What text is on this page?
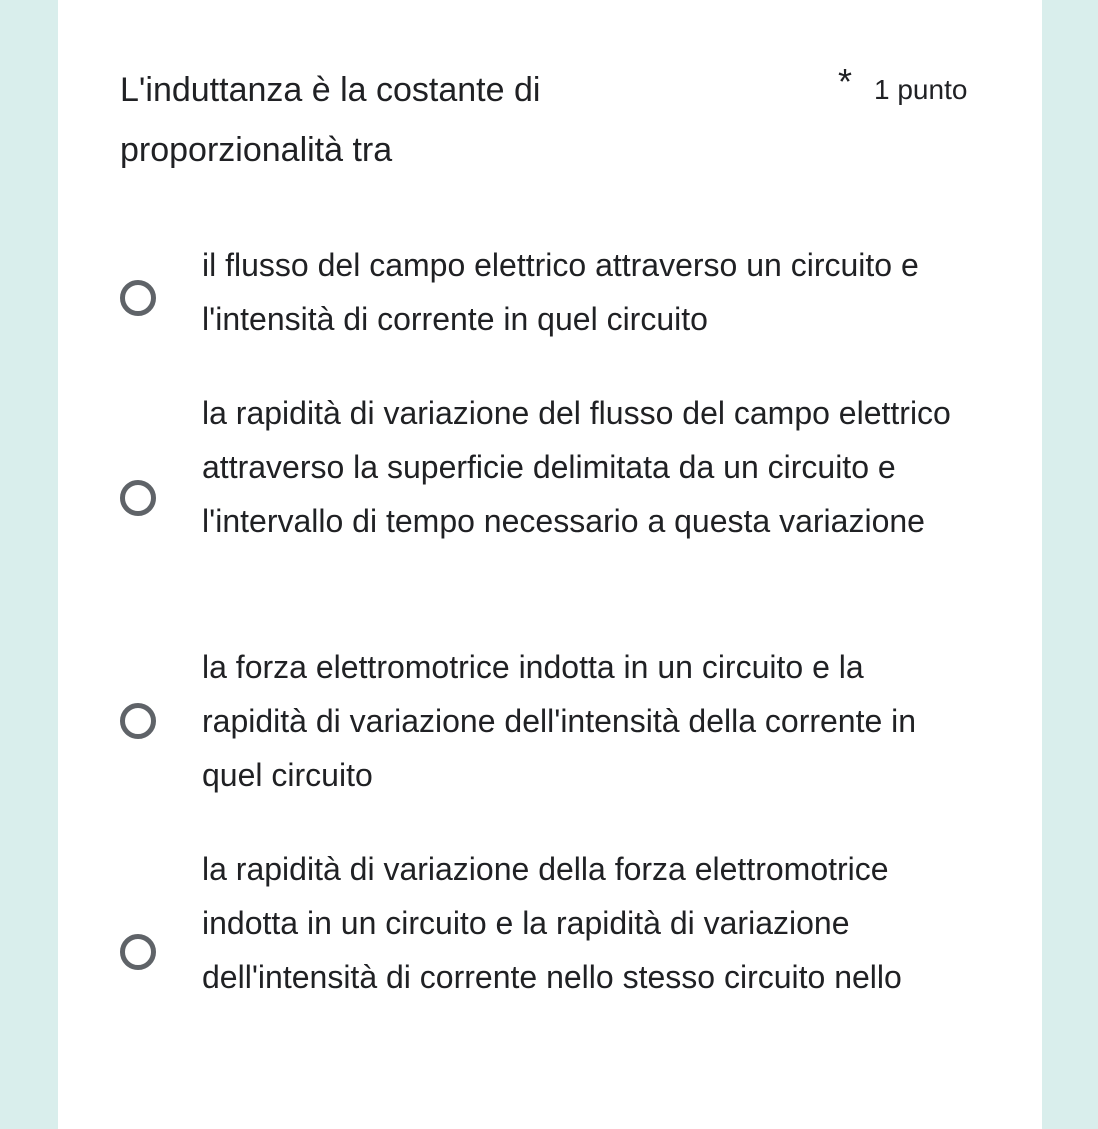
L'induttanza è la costante di proporzionalità tra
* 1 punto
il flusso del campo elettrico attraverso un circuito e l'intensità di corrente in quel circuito
la rapidità di variazione del flusso del campo elettrico attraverso la superficie delimitata da un circuito e l'intervallo di tempo necessario a questa variazione
la forza elettromotrice indotta in un circuito e la rapidità di variazione dell'intensità della corrente in quel circuito
la rapidità di variazione della forza elettromotrice indotta in un circuito e la rapidità di variazione dell'intensità di corrente nello stesso circuito nello
